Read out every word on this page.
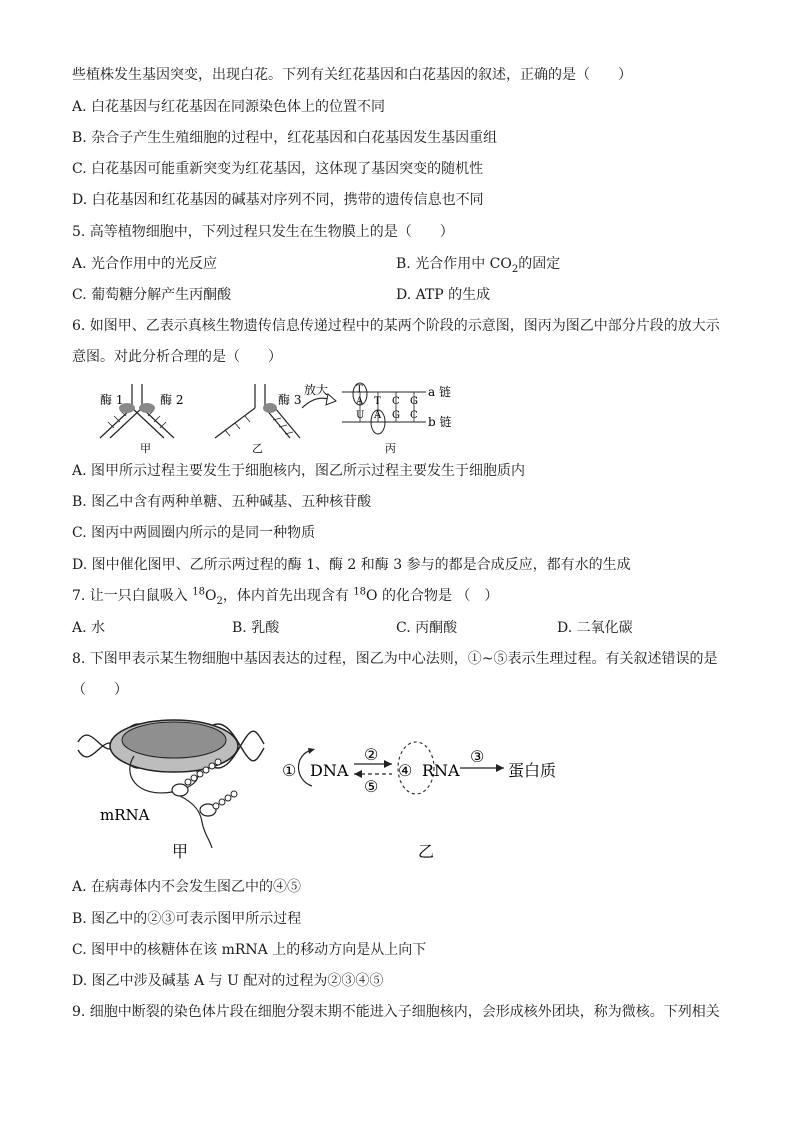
些植株发生基因突变，出现白花。下列有关红花基因和白花基因的叙述，正确的是（　　）
A. 白花基因与红花基因在同源染色体上的位置不同
B. 杂合子产生生殖细胞的过程中，红花基因和白花基因发生基因重组
C. 白花基因可能重新突变为红花基因，这体现了基因突变的随机性
D. 白花基因和红花基因的碱基对序列不同，携带的遗传信息也不同
5. 高等植物细胞中，下列过程只发生在生物膜上的是（　　）
A. 光合作用中的光反应	B. 光合作用中 $CO_2$的固定
C. 葡萄糖分解产生丙酮酸	D. ATP 的生成
6. 如图甲、乙表示真核生物遗传信息传递过程中的某两个阶段的示意图，图丙为图乙中部分片段的放大示
意图。对此分析合理的是（　　）
酶 1	酶 2	酶 3
放大	T
A T C G
U A G C
a 链
b 链
甲	乙	丙
A. 图甲所示过程主要发生于细胞核内，图乙所示过程主要发生于细胞质内
B. 图乙中含有两种单糖、五种碱基、五种核苷酸
C. 图丙中两圆圈内所示的是同一种物质
D. 图中催化图甲、乙所示两过程的酶 1、酶 2 和酶 3 参与的都是合成反应，都有水的生成
7. 让一只白鼠吸入 $^{18}O_2$，体内首先出现含有 $^{18}$O 的化合物是 （　）
A. 水	B. 乳酸	C. 丙酮酸	D. 二氧化碳
8. 下图甲表示某生物细胞中基因表达的过程，图乙为中心法则，①~⑤表示生理过程。有关叙述错误的是
（　　）
mRNA
甲	乙
① DNA
②
⑤
④ RNA
③
蛋白质
A. 在病毒体内不会发生图乙中的④⑤
B. 图乙中的②③可表示图甲所示过程
C. 图甲中的核糖体在该 mRNA 上的移动方向是从上向下
D. 图乙中涉及碱基 A 与 U 配对的过程为②③④⑤
9. 细胞中断裂的染色体片段在细胞分裂末期不能进入子细胞核内，会形成核外团块，称为微核。下列相关
